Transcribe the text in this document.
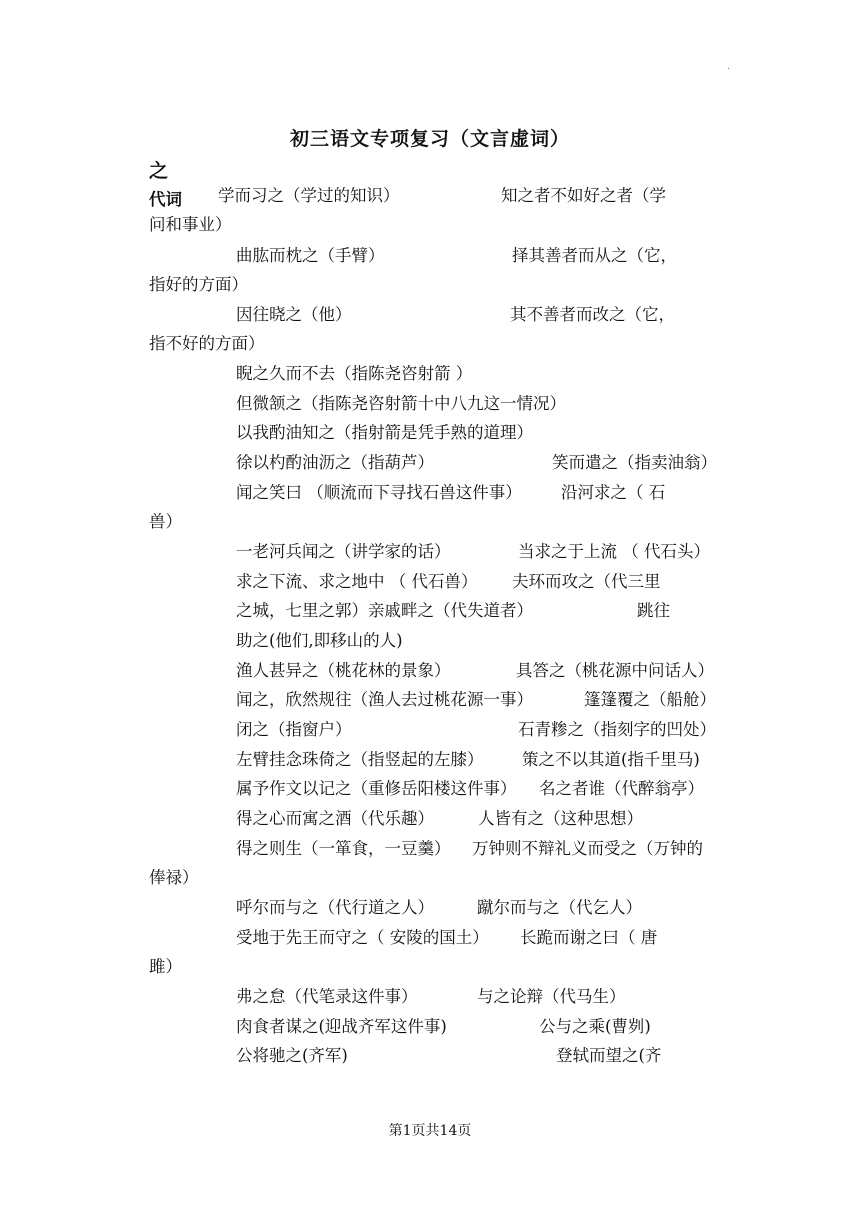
·
初三语文专项复习（文言虚词）
之
代词 学而习之（学过的知识）	知之者不如好之者（学
问和事业）
曲肱而枕之（手臂）	择其善者而从之（它，
指好的方面）
因往晓之（他）	其不善者而改之（它，
指不好的方面）
睨之久而不去（指陈尧咨射箭 ）
但微颔之（指陈尧咨射箭十中八九这一情况）
以我酌油知之（指射箭是凭手熟的道理）
徐以杓酌油沥之（指葫芦）	笑而遣之（指卖油翁）
闻之笑曰 （顺流而下寻找石兽这件事） 沿河求之（ 石
兽）
一老河兵闻之（讲学家的话）	当求之于上流 （ 代石头）
求之下流、求之地中 （ 代石兽） 夫环而攻之（代三里
之城，七里之郭）亲戚畔之（代失道者）	跳往
助之(他们,即移山的人)
渔人甚异之（桃花林的景象）	具答之（桃花源中问话人）
闻之，欣然规往（渔人去过桃花源一事）	篷篷覆之（船舱）
闭之（指窗户）	石青糁之（指刻字的凹处）
左臂挂念珠倚之（指竖起的左膝） 策之不以其道(指千里马)
属予作文以记之（重修岳阳楼这件事） 名之者谁（代醉翁亭）
得之心而寓之酒（代乐趣）	人皆有之（这种思想）
得之则生（一箪食，一豆羹） 万钟则不辩礼义而受之（万钟的
俸禄）
呼尔而与之（代行道之人）	蹴尔而与之（代乞人）
受地于先王而守之（ 安陵的国土） 长跪而谢之曰（ 唐
雎）
弗之怠（代笔录这件事）	与之论辩（代马生）
肉食者谋之(迎战齐军这件事)	公与之乘(曹刿)
公将驰之(齐军)	登轼而望之(齐
第1页共14页
